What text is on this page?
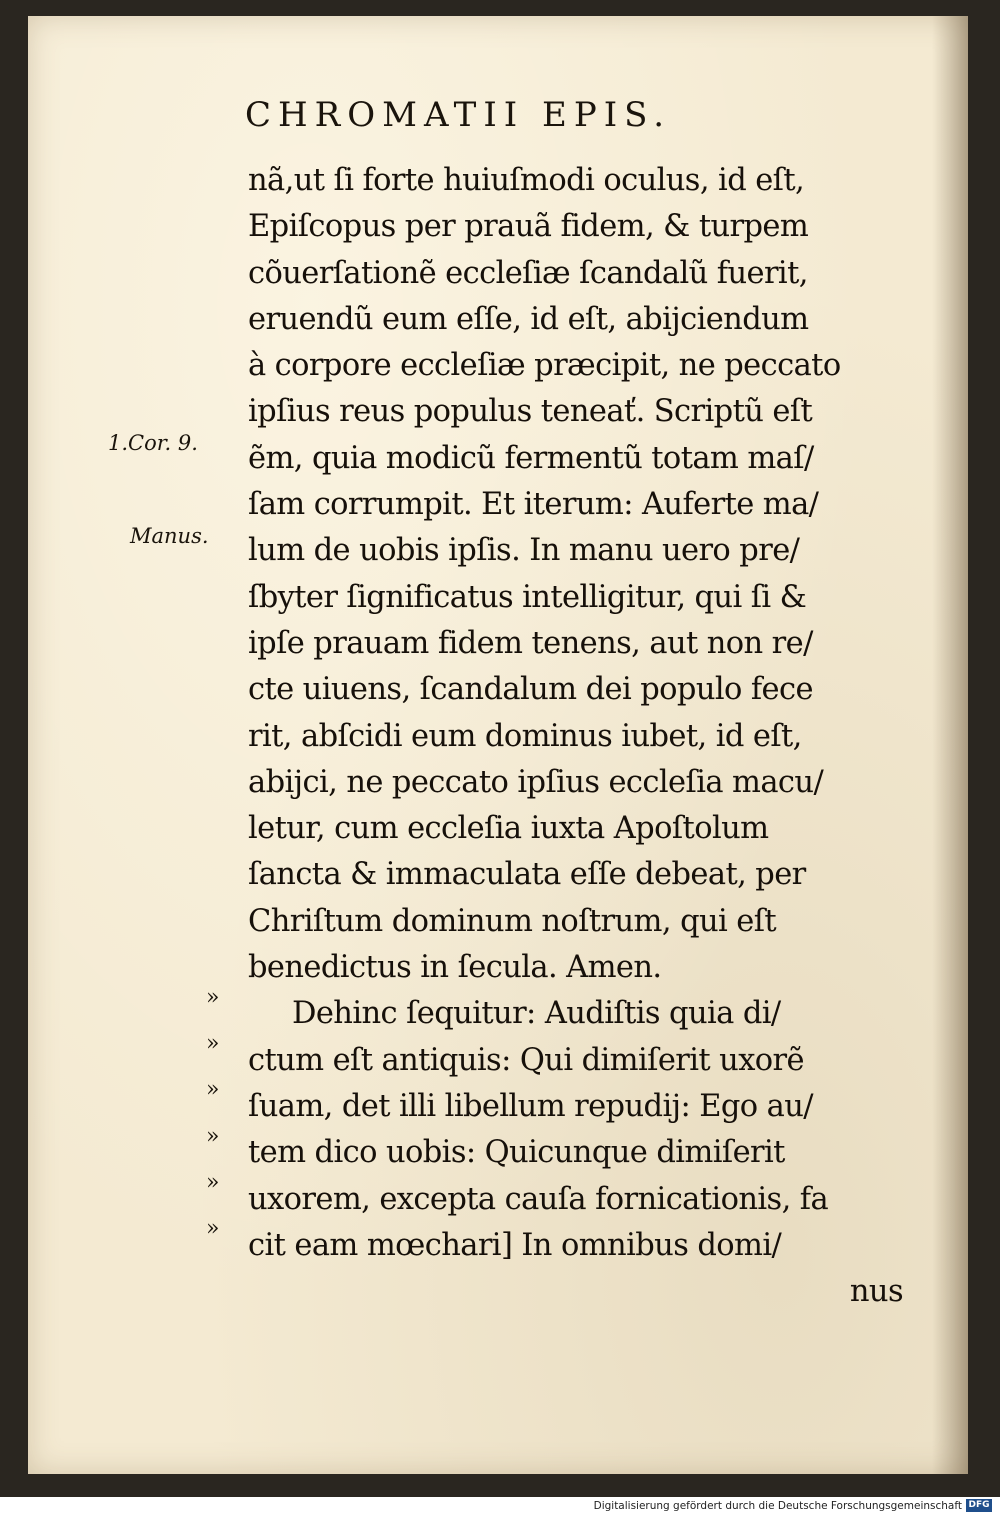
CHROMATII EPIS.
1.Cor. 9.
Manus.
»
»
»
»
»
»
nã,ut ſi forte huiuſmodi oculus, id eſt,
Epiſcopus per prauã fidem, & turpem
cõuerſationẽ eccleſiæ ſcandalũ fuerit,
eruendũ eum eſſe, id eſt, abijciendum
à corpore eccleſiæ præcipit, ne peccato
ipſius reus populus teneať. Scriptũ eſt
ẽm, quia modicũ fermentũ totam maſ/
ſam corrumpit. Et iterum: Auferte ma/
lum de uobis ipſis. In manu uero pre/
ſbyter ſignificatus intelligitur, qui ſi &
ipſe prauam fidem tenens, aut non re/
cte uiuens, ſcandalum dei populo fece
rit, abſcidi eum dominus iubet, id eſt,
abijci, ne peccato ipſius eccleſia macu/
letur, cum eccleſia iuxta Apoſtolum
ſancta & immaculata eſſe debeat, per
Chriſtum dominum noſtrum, qui eſt
benedictus in ſecula. Amen.
Dehinc ſequitur: Audiſtis quia di/
ctum eſt antiquis: Qui dimiſerit uxorẽ
ſuam, det illi libellum repudij: Ego au/
tem dico uobis: Quicunque dimiſerit
uxorem, excepta cauſa fornicationis, fa
cit eam mœchari] In omnibus domi/
nus
Digitalisierung gefördert durch die Deutsche Forschungsgemeinschaft DFG
